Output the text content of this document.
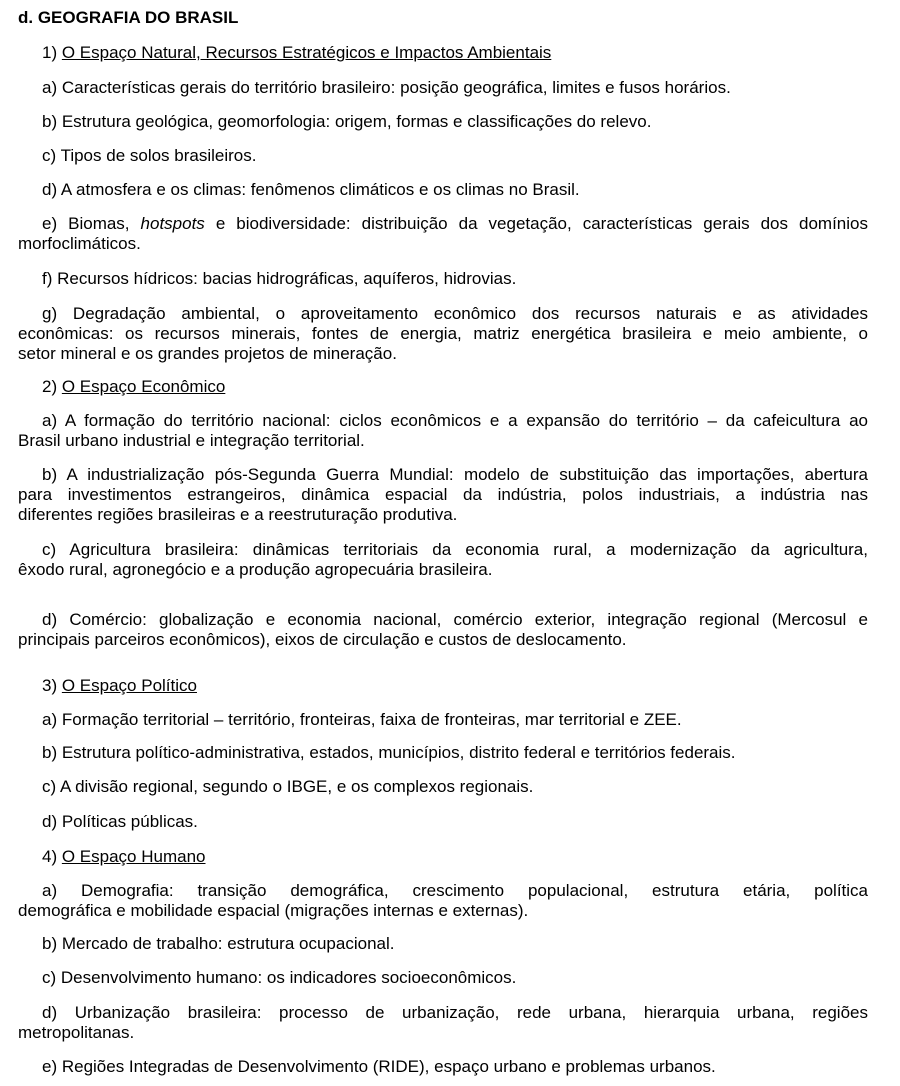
d. GEOGRAFIA DO BRASIL
1) O Espaço Natural, Recursos Estratégicos e Impactos Ambientais
a) Características gerais do território brasileiro: posição geográfica, limites e fusos horários.
b) Estrutura geológica, geomorfologia: origem, formas e classificações do relevo.
c) Tipos de solos brasileiros.
d) A atmosfera e os climas: fenômenos climáticos e os climas no Brasil.
e) Biomas, hotspots e biodiversidade: distribuição da vegetação, características gerais dos domínios
morfoclimáticos.
f) Recursos hídricos: bacias hidrográficas, aquíferos, hidrovias.
g) Degradação ambiental, o aproveitamento econômico dos recursos naturais e as atividades
econômicas: os recursos minerais, fontes de energia, matriz energética brasileira e meio ambiente, o
setor mineral e os grandes projetos de mineração.
2) O Espaço Econômico
a) A formação do território nacional: ciclos econômicos e a expansão do território – da cafeicultura ao
Brasil urbano industrial e integração territorial.
b) A industrialização pós-Segunda Guerra Mundial: modelo de substituição das importações, abertura
para investimentos estrangeiros, dinâmica espacial da indústria, polos industriais, a indústria nas
diferentes regiões brasileiras e a reestruturação produtiva.
c) Agricultura brasileira: dinâmicas territoriais da economia rural, a modernização da agricultura,
êxodo rural, agronegócio e a produção agropecuária brasileira.
d) Comércio: globalização e economia nacional, comércio exterior, integração regional (Mercosul e
principais parceiros econômicos), eixos de circulação e custos de deslocamento.
3) O Espaço Político
a) Formação territorial – território, fronteiras, faixa de fronteiras, mar territorial e ZEE.
b) Estrutura político-administrativa, estados, municípios, distrito federal e territórios federais.
c) A divisão regional, segundo o IBGE, e os complexos regionais.
d) Políticas públicas.
4) O Espaço Humano
a) Demografia: transição demográfica, crescimento populacional, estrutura etária, política
demográfica e mobilidade espacial (migrações internas e externas).
b) Mercado de trabalho: estrutura ocupacional.
c) Desenvolvimento humano: os indicadores socioeconômicos.
d) Urbanização brasileira: processo de urbanização, rede urbana, hierarquia urbana, regiões
metropolitanas.
e) Regiões Integradas de Desenvolvimento (RIDE), espaço urbano e problemas urbanos.
